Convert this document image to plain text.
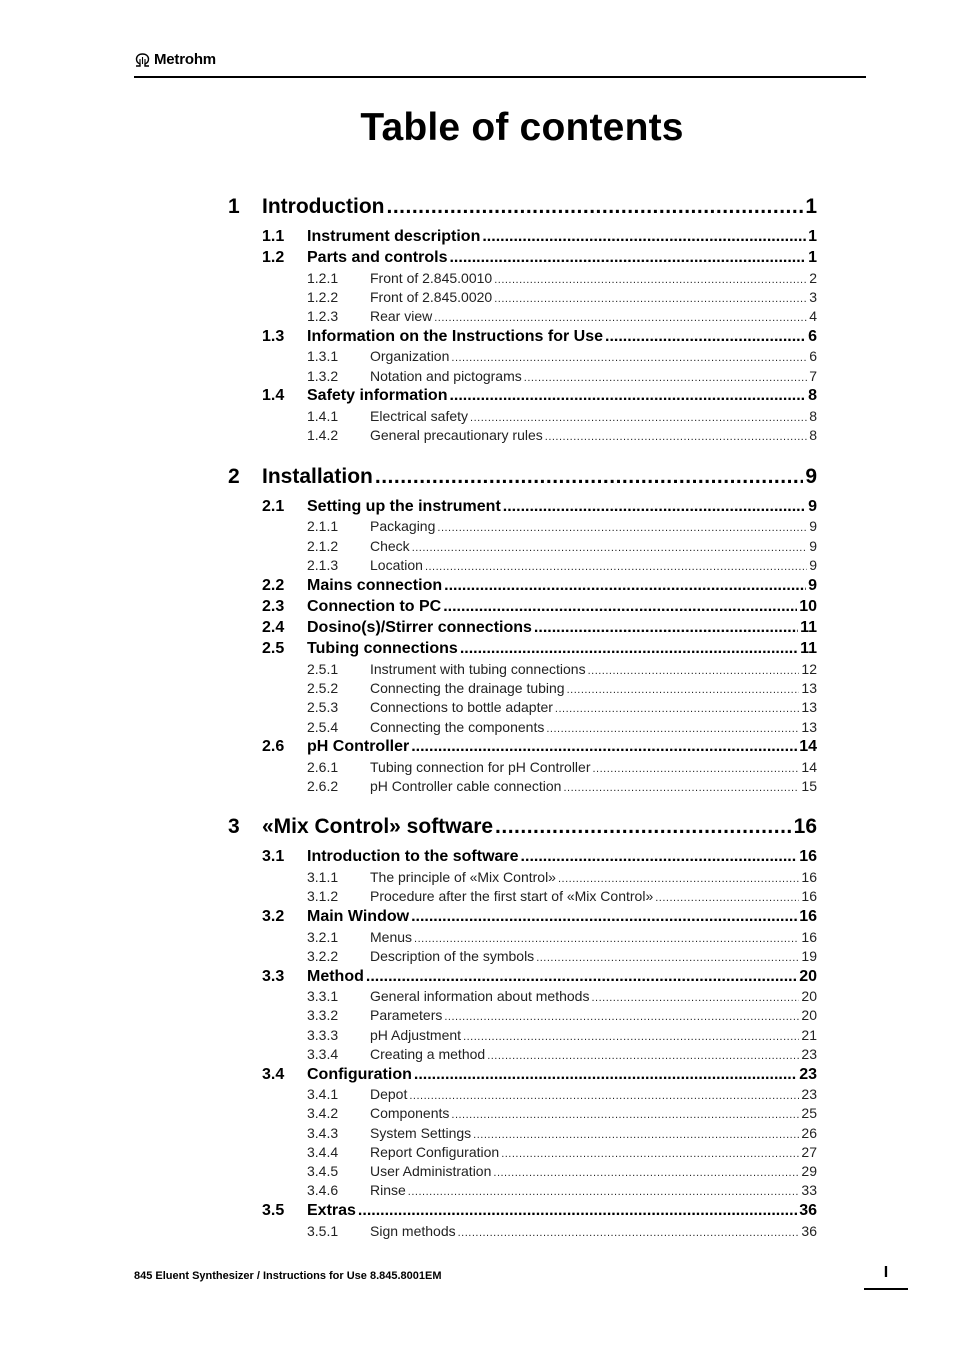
Metrohm
Table of contents
1	Introduction .....	1
1.1	Instrument description .....	1
1.2	Parts and controls .....	1
1.2.1	Front of 2.845.0010 .....	2
1.2.2	Front of 2.845.0020 .....	3
1.2.3	Rear view .....	4
1.3	Information on the Instructions for Use .....	6
1.3.1	Organization .....	6
1.3.2	Notation and pictograms .....	7
1.4	Safety information .....	8
1.4.1	Electrical safety .....	8
1.4.2	General precautionary rules .....	8
2	Installation .....	9
2.1	Setting up the instrument .....	9
2.1.1	Packaging .....	9
2.1.2	Check .....	9
2.1.3	Location .....	9
2.2	Mains connection .....	9
2.3	Connection to PC .....	10
2.4	Dosino(s)/Stirrer connections .....	11
2.5	Tubing connections .....	11
2.5.1	Instrument with tubing connections .....	12
2.5.2	Connecting the drainage tubing .....	13
2.5.3	Connections to bottle adapter .....	13
2.5.4	Connecting the components .....	13
2.6	pH Controller .....	14
2.6.1	Tubing connection for pH Controller .....	14
2.6.2	pH Controller cable connection .....	15
3	«Mix Control» software .....	16
3.1	Introduction to the software .....	16
3.1.1	The principle of «Mix Control» .....	16
3.1.2	Procedure after the first start of «Mix Control» .....	16
3.2	Main Window .....	16
3.2.1	Menus .....	16
3.2.2	Description of the symbols .....	19
3.3	Method .....	20
3.3.1	General information about methods .....	20
3.3.2	Parameters .....	20
3.3.3	pH Adjustment .....	21
3.3.4	Creating a method .....	23
3.4	Configuration .....	23
3.4.1	Depot .....	23
3.4.2	Components .....	25
3.4.3	System Settings .....	26
3.4.4	Report Configuration .....	27
3.4.5	User Administration .....	29
3.4.6	Rinse .....	33
3.5	Extras .....	36
3.5.1	Sign methods .....	36
845 Eluent Synthesizer / Instructions for Use 8.845.8001EM	I
